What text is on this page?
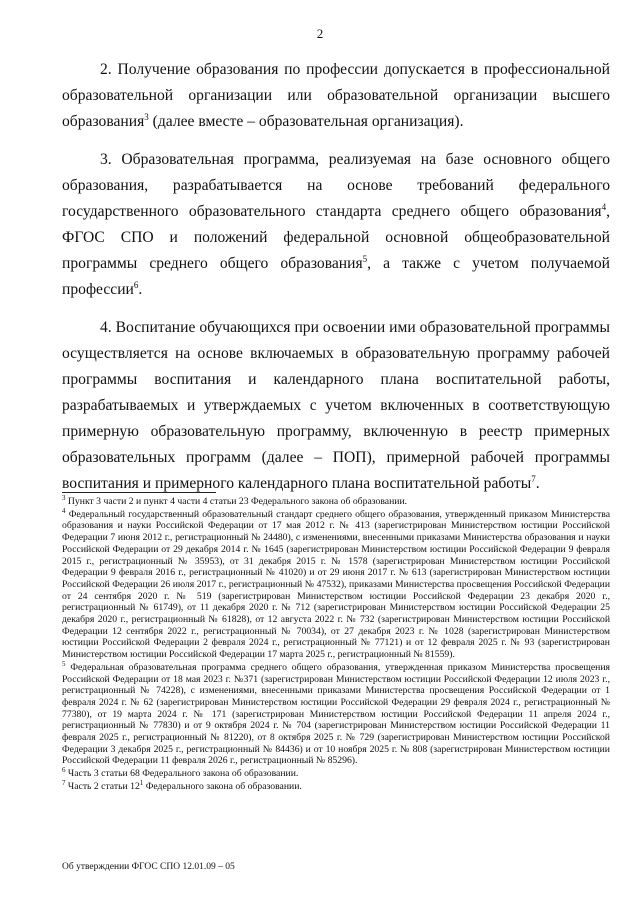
2

2. Получение образования по профессии допускается в профессиональной образовательной организации или образовательной организации высшего образования$^3$ (далее вместе – образовательная организация).

3. Образовательная программа, реализуемая на базе основного общего образования, разрабатывается на основе требований федерального государственного образовательного стандарта среднего общего образования$^4$, ФГОС СПО и положений федеральной основной общеобразовательной программы среднего общего образования$^5$, а также с учетом получаемой профессии$^6$.

4. Воспитание обучающихся при освоении ими образовательной программы осуществляется на основе включаемых в образовательную программу рабочей программы воспитания и календарного плана воспитательной работы, разрабатываемых и утверждаемых с учетом включенных в соответствующую примерную образовательную программу, включенную в реестр примерных образовательных программ (далее – ПОП), примерной рабочей программы воспитания и примерного календарного плана воспитательной работы$^7$.

$^3$ Пункт 3 части 2 и пункт 4 части 4 статьи 23 Федерального закона об образовании.

$^4$ Федеральный государственный образовательный стандарт среднего общего образования, утвержденный приказом Министерства образования и науки Российской Федерации от 17 мая 2012 г. № 413 (зарегистрирован Министерством юстиции Российской Федерации 7 июня 2012 г., регистрационный № 24480), с изменениями, внесенными приказами Министерства образования и науки Российской Федерации от 29 декабря 2014 г. № 1645 (зарегистрирован Министерством юстиции Российской Федерации 9 февраля 2015 г., регистрационный № 35953), от 31 декабря 2015 г. № 1578 (зарегистрирован Министерством юстиции Российской Федерации 9 февраля 2016 г., регистрационный № 41020) и от 29 июня 2017 г. № 613 (зарегистрирован Министерством юстиции Российской Федерации 26 июля 2017 г., регистрационный № 47532), приказами Министерства просвещения Российской Федерации от 24 сентября 2020 г. № 519 (зарегистрирован Министерством юстиции Российской Федерации 23 декабря 2020 г., регистрационный № 61749), от 11 декабря 2020 г. № 712 (зарегистрирован Министерством юстиции Российской Федерации 25 декабря 2020 г., регистрационный № 61828), от 12 августа 2022 г. № 732 (зарегистрирован Министерством юстиции Российской Федерации 12 сентября 2022 г., регистрационный № 70034), от 27 декабря 2023 г. № 1028 (зарегистрирован Министерством юстиции Российской Федерации 2 февраля 2024 г., регистрационный № 77121) и от 12 февраля 2025 г. № 93 (зарегистрирован Министерством юстиции Российской Федерации 17 марта 2025 г., регистрационный № 81559).

$^5$ Федеральная образовательная программа среднего общего образования, утвержденная приказом Министерства просвещения Российской Федерации от 18 мая 2023 г. №371 (зарегистрирован Министерством юстиции Российской Федерации 12 июля 2023 г., регистрационный № 74228), с изменениями, внесенными приказами Министерства просвещения Российской Федерации от 1 февраля 2024 г. № 62 (зарегистрирован Министерством юстиции Российской Федерации 29 февраля 2024 г., регистрационный № 77380), от 19 марта 2024 г. № 171 (зарегистрирован Министерством юстиции Российской Федерации 11 апреля 2024 г., регистрационный № 77830) и от 9 октября 2024 г. № 704 (зарегистрирован Министерством юстиции Российской Федерации 11 февраля 2025 г., регистрационный № 81220), от 8 октября 2025 г. № 729 (зарегистрирован Министерством юстиции Российской Федерации 3 декабря 2025 г., регистрационный № 84436) и от 10 ноября 2025 г. № 808 (зарегистрирован Министерством юстиции Российской Федерации 11 февраля 2026 г., регистрационный № 85296).

$^6$ Часть 3 статьи 68 Федерального закона об образовании.

$^7$ Часть 2 статьи $12^1$ Федерального закона об образовании.

Об утверждении ФГОС СПО 12.01.09 – 05
